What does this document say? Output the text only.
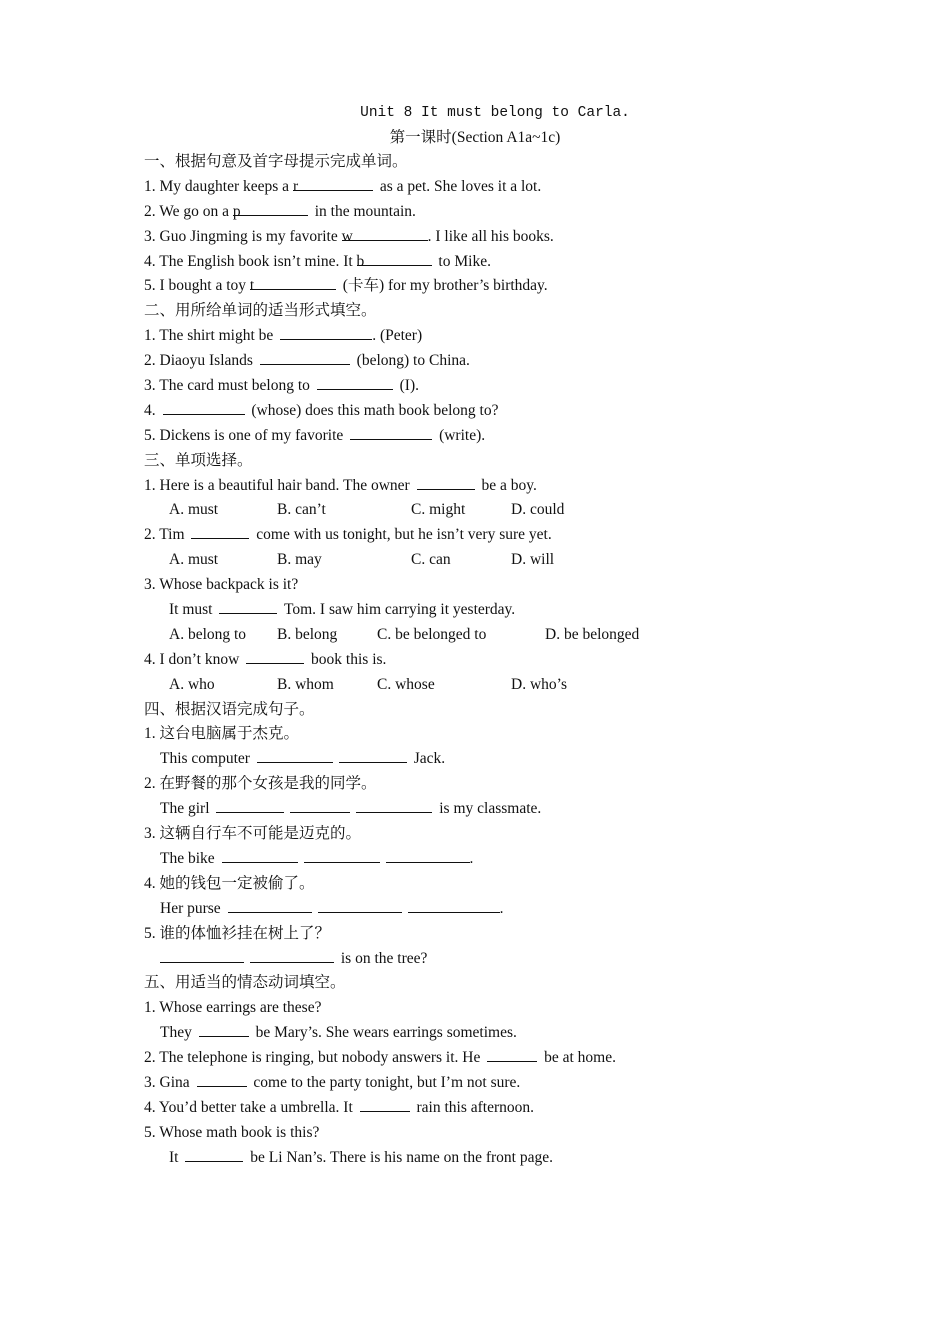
Unit 8 It must belong to Carla.
第一课时(Section A1a~1c)
一、根据句意及首字母提示完成单词。
1. My daughter keeps a r	as a pet. She loves it a lot.
2. We go on a p	in the mountain.
3. Guo Jingming is my favorite w	. I like all his books.
4. The English book isn’t mine. It b	to Mike.
5. I bought a toy t	(卡车) for my brother’s birthday.
二、用所给单词的适当形式填空。
1. The shirt might be	. (Peter)
2. Diaoyu Islands	(belong) to China.
3. The card must belong to	(I).
4.	(whose) does this math book belong to?
5. Dickens is one of my favorite	(write).
三、单项选择。
1. Here is a beautiful hair band. The owner	be a boy.
A. must	B. can’t	C. might	D. could
2. Tim	come with us tonight, but he isn’t very sure yet.
A. must	B. may	C. can	D. will
3. Whose backpack is it?
It must	Tom. I saw him carrying it yesterday.
A. belong to B. belong	C. be belonged to	D. be belonged
4. I don’t know	book this is.
A. who	B. whom	C. whose	D. who’s
四、根据汉语完成句子。
1. 这台电脑属于杰克。
This computer	Jack.
2. 在野餐的那个女孩是我的同学。
The girl	is my classmate.
3. 这辆自行车不可能是迈克的。
The bike	.
4. 她的钱包一定被偷了。
Her purse	.
5. 谁的体恤衫挂在树上了？
is on the tree?
五、用适当的情态动词填空。
1. Whose earrings are these?
They	be Mary’s. She wears earrings sometimes.
2. The telephone is ringing, but nobody answers it. He	be at home.
3. Gina	come to the party tonight, but I’m not sure.
4. You’d better take a umbrella. It	rain this afternoon.
5. Whose math book is this?
It	be Li Nan’s. There is his name on the front page.
